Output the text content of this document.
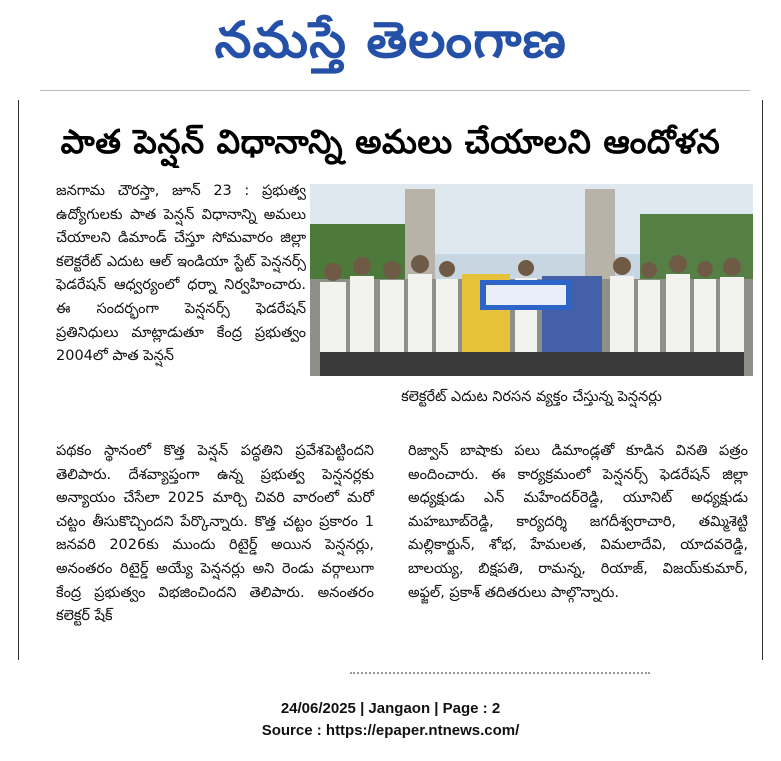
నమస్తే తెలంగాణ
పాత పెన్షన్ విధానాన్ని అమలు చేయాలని ఆందోళన

జనగామ చౌరస్తా, జూన్ 23 : ప్రభుత్వ ఉద్యోగులకు పాత పెన్షన్ విధానాన్ని అమలు చేయాలని డిమాండ్ చేస్తూ సోమవారం జిల్లా కలెక్టరేట్ ఎదుట ఆల్ ఇండియా స్టేట్ పెన్షనర్స్ ఫెడరేషన్ ఆధ్వర్యంలో ధర్నా నిర్వహించారు. ఈ సందర్భంగా పెన్షనర్స్ ఫెడరేషన్ ప్రతినిధులు మాట్లాడుతూ కేంద్ర ప్రభుత్వం 2004లో పాత పెన్షన్

కలెక్టరేట్ ఎదుట నిరసన వ్యక్తం చేస్తున్న పెన్షనర్లు

పథకం స్థానంలో కొత్త పెన్షన్ పద్ధతిని ప్రవేశపెట్టిందని తెలిపారు. దేశవ్యాప్తంగా ఉన్న ప్రభుత్వ పెన్షనర్లకు అన్యాయం చేసేలా 2025 మార్చి చివరి వారంలో మరో చట్టం తీసుకొచ్చిందని పేర్కొన్నారు. కొత్త చట్టం ప్రకారం 1 జనవరి 2026కు ముందు రిటైర్డ్ అయిన పెన్షనర్లు, అనంతరం రిటైర్డ్ అయ్యే పెన్షనర్లు అని రెండు వర్గాలుగా కేంద్ర ప్రభుత్వం విభజించిందని తెలిపారు. అనంతరం కలెక్టర్ షేక్

రిజ్వాన్ బాషాకు పలు డిమాండ్లతో కూడిన వినతి పత్రం అందించారు. ఈ కార్యక్రమంలో పెన్షనర్స్ ఫెడరేషన్ జిల్లా అధ్యక్షుడు ఎన్ మహేందర్‌రెడ్డి, యూనిట్ అధ్యక్షుడు మహబూబ్‌రెడ్డి, కార్యదర్శి జగదీశ్వరాచారి, తమ్మిశెట్టి మల్లికార్జున్, శోభ, హేమలత, విమలాదేవి, యాదవరెడ్డి, బాలయ్య, బిక్షపతి, రామన్న, రియాజ్, విజయ్‌కుమార్, అఫ్జల్, ప్రకాశ్ తదితరులు పాల్గొన్నారు.

24/06/2025 | Jangaon | Page : 2
Source : https://epaper.ntnews.com/
